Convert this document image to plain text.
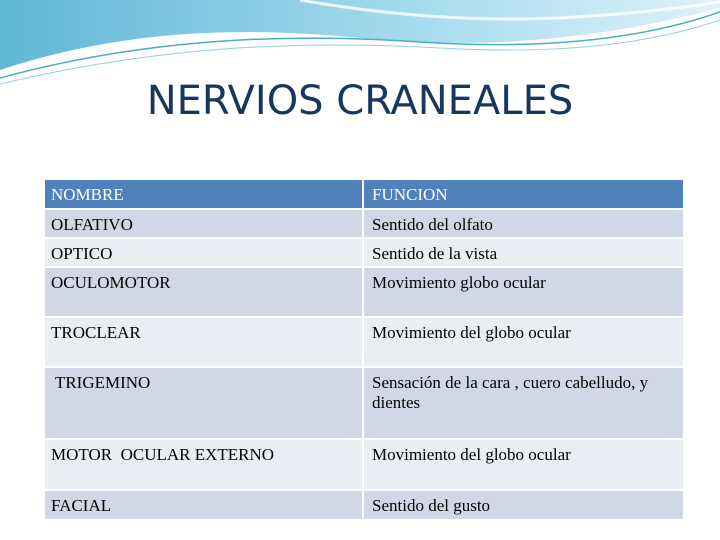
NERVIOS CRANEALES
NOMBRE	FUNCION
OLFATIVO	Sentido del olfato
OPTICO	Sentido de la vista
OCULOMOTOR	Movimiento globo ocular
TROCLEAR	Movimiento del globo ocular
TRIGEMINO	Sensación de la cara , cuero cabelludo, y dientes
MOTOR  OCULAR EXTERNO	Movimiento del globo ocular
FACIAL	Sentido del gusto
